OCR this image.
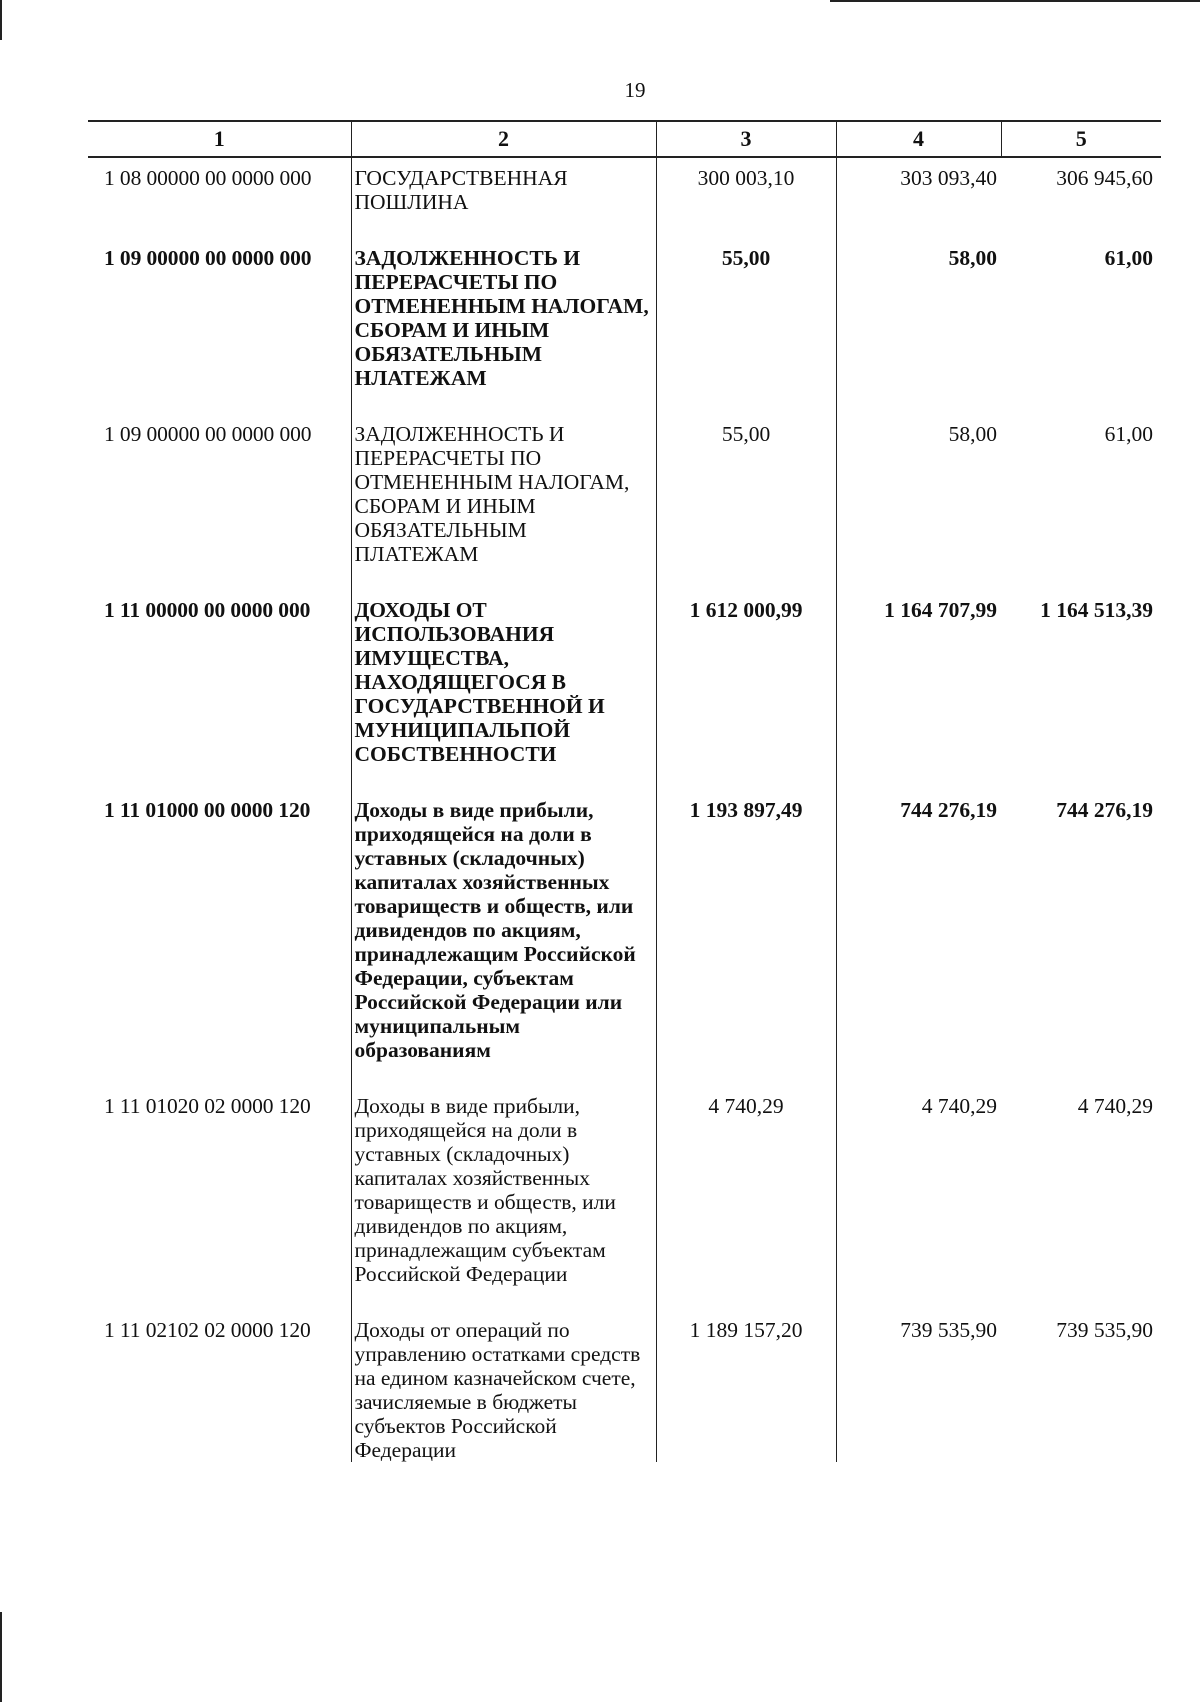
19
1	2	3	4	5
1 08 00000 00 0000 000	ГОСУДАРСТВЕННАЯ ПОШЛИНА	300 003,10	303 093,40	306 945,60
1 09 00000 00 0000 000	ЗАДОЛЖЕННОСТЬ И ПЕРЕРАСЧЕТЫ ПО ОТМЕНЕННЫМ НАЛОГАМ, СБОРАМ И ИНЫМ ОБЯЗАТЕЛЬНЫМ НЛАТЕЖАМ	55,00	58,00	61,00
1 09 00000 00 0000 000	ЗАДОЛЖЕННОСТЬ И ПЕРЕРАСЧЕТЫ ПО ОТМЕНЕННЫМ НАЛОГАМ, СБОРАМ И ИНЫМ ОБЯЗАТЕЛЬНЫМ ПЛАТЕЖАМ	55,00	58,00	61,00
1 11 00000 00 0000 000	ДОХОДЫ ОТ ИСПОЛЬЗОВАНИЯ ИМУЩЕСТВА, НАХОДЯЩЕГОСЯ В ГОСУДАРСТВЕННОЙ И МУНИЦИПАЛЬПОЙ СОБСТВЕННОСТИ	1 612 000,99	1 164 707,99	1 164 513,39
1 11 01000 00 0000 120	Доходы в виде прибыли, приходящейся на доли в уставных (складочных) капиталах хозяйственных товариществ и обществ, или дивидендов по акциям, принадлежащим Российской Федерации, субъектам Российской Федерации или муниципальным образованиям	1 193 897,49	744 276,19	744 276,19
1 11 01020 02 0000 120	Доходы в виде прибыли, приходящейся на доли в уставных (складочных) капиталах хозяйственных товариществ и обществ, или дивидендов по акциям, принадлежащим субъектам Российской Федерации	4 740,29	4 740,29	4 740,29
1 11 02102 02 0000 120	Доходы от операций по управлению остатками средств на едином казначейском счете, зачисляемые в бюджеты субъектов Российской Федерации	1 189 157,20	739 535,90	739 535,90
